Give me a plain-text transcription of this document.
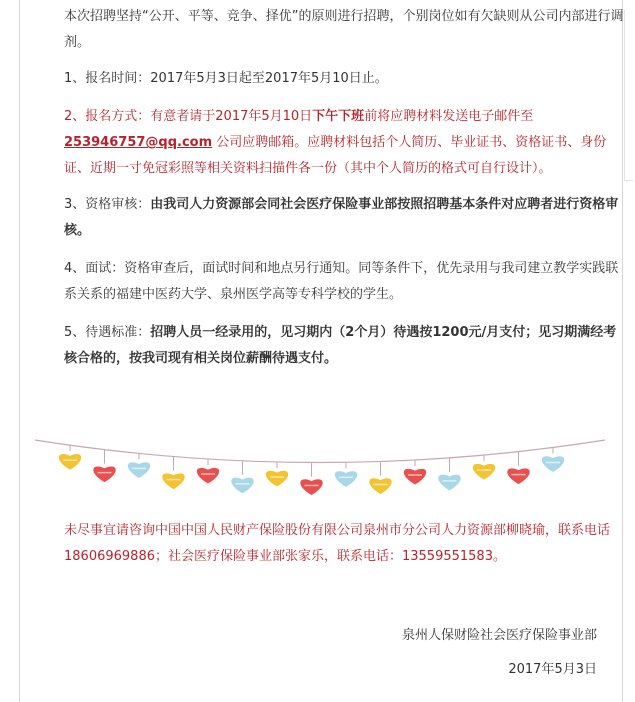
本次招聘坚持“公开、平等、竞争、择优”的原则进行招聘，个别岗位如有欠缺则从公司内部进行调剂。

1、报名时间：2017年5月3日起至2017年5月10日止。

2、报名方式：有意者请于2017年5月10日下午下班前将应聘材料发送电子邮件至 253946757@qq.com 公司应聘邮箱。应聘材料包括个人简历、毕业证书、资格证书、身份证、近期一寸免冠彩照等相关资料扫描件各一份（其中个人简历的格式可自行设计）。

3、资格审核：由我司人力资源部会同社会医疗保险事业部按照招聘基本条件对应聘者进行资格审核。

4、面试：资格审查后，面试时间和地点另行通知。同等条件下，优先录用与我司建立教学实践联系关系的福建中医药大学、泉州医学高等专科学校的学生。

5、待遇标准：招聘人员一经录用的，见习期内（2个月）待遇按1200元/月支付；见习期满经考核合格的，按我司现有相关岗位薪酬待遇支付。

未尽事宜请咨询中国中国人民财产保险股份有限公司泉州市分公司人力资源部柳晓瑜，联系电话18606969886；社会医疗保险事业部张家乐，联系电话：13559551583。

泉州人保财险社会医疗保险事业部
2017年5月3日
